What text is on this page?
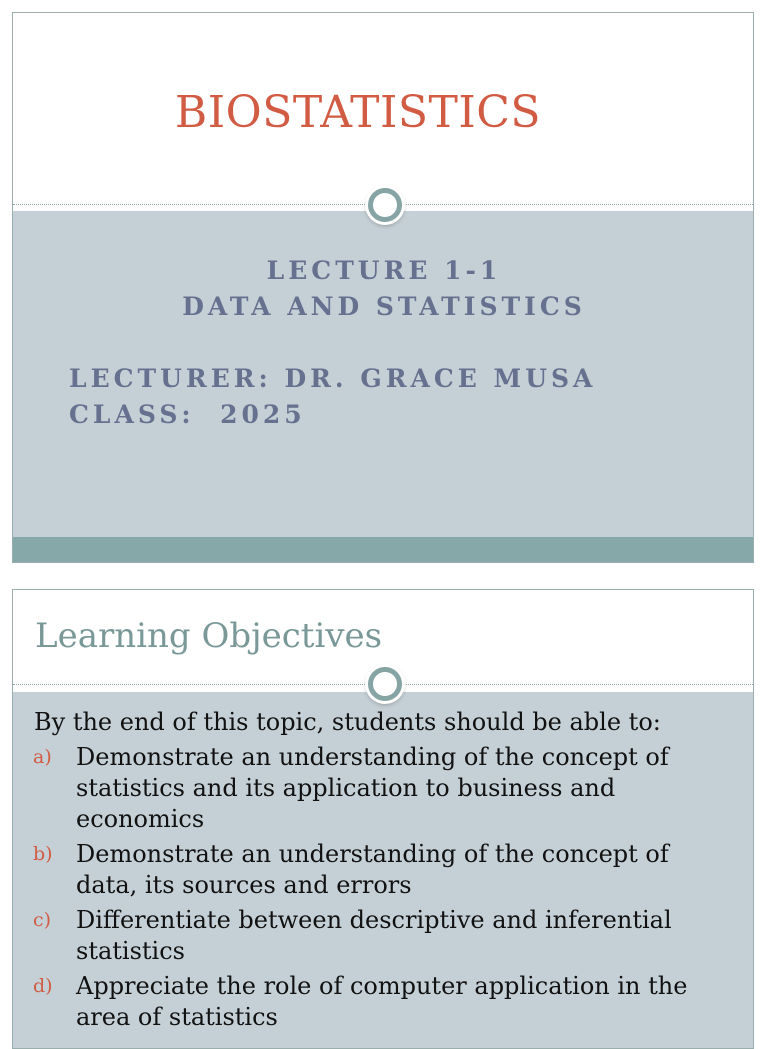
BIOSTATISTICS
LECTURE 1-1
DATA AND STATISTICS
LECTURER: DR. GRACE MUSA
CLASS:  2025
Learning Objectives
By the end of this topic, students should be able to:
a) Demonstrate an understanding of the concept of statistics and its application to business and economics
b) Demonstrate an understanding of the concept of data, its sources and errors
c) Differentiate between descriptive and inferential statistics
d) Appreciate the role of computer application in the area of statistics
